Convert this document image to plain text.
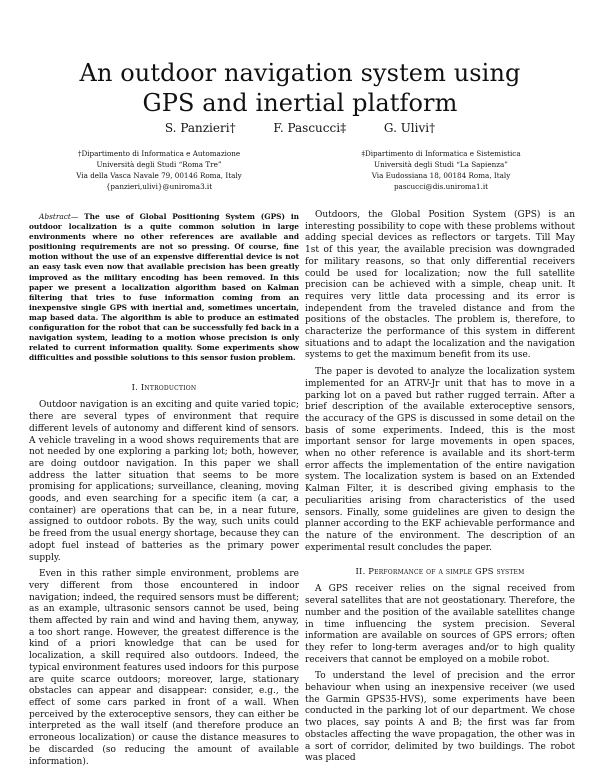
An outdoor navigation system using
GPS and inertial platform
S. Panzieri†	F. Pascucci‡	G. Ulivi†
†Dipartimento di Informatica e Automazione
Università degli Studi “Roma Tre”
Via della Vasca Navale 79, 00146 Roma, Italy
{panzieri,ulivi}@uniroma3.it
‡Dipartimento di Informatica e Sistemistica
Università degli Studi “La Sapienza”
Via Eudossiana 18, 00184 Roma, Italy
pascucci@dis.uniroma1.it

Abstract— The use of Global Positioning System (GPS) in outdoor localization is a quite common solution in large environments where no other references are available and positioning requirements are not so pressing. Of course, fine motion without the use of an expensive differential device is not an easy task even now that available precision has been greatly improved as the military encoding has been removed. In this paper we present a localization algorithm based on Kalman filtering that tries to fuse information coming from an inexpensive single GPS with inertial and, sometimes uncertain, map based data. The algorithm is able to produce an estimated configuration for the robot that can be successfully fed back in a navigation system, leading to a motion whose precision is only related to current information quality. Some experiments show difficulties and possible solutions to this sensor fusion problem.

I. Introduction

Outdoor navigation is an exciting and quite varied topic; there are several types of environment that require different levels of autonomy and different kind of sensors. A vehicle traveling in a wood shows requirements that are not needed by one exploring a parking lot; both, however, are doing outdoor navigation. In this paper we shall address the latter situation that seems to be more promising for applications; surveillance, cleaning, moving goods, and even searching for a specific item (a car, a container) are operations that can be, in a near future, assigned to outdoor robots. By the way, such units could be freed from the usual energy shortage, because they can adopt fuel instead of batteries as the primary power supply.

Even in this rather simple environment, problems are very different from those encountered in indoor navigation; indeed, the required sensors must be different; as an example, ultrasonic sensors cannot be used, being them affected by rain and wind and having them, anyway, a too short range. However, the greatest difference is the kind of a priori knowledge that can be used for localization, a skill required also outdoors. Indeed, the typical environment features used indoors for this purpose are quite scarce outdoors; moreover, large, stationary obstacles can appear and disappear: consider, e.g., the effect of some cars parked in front of a wall. When perceived by the exteroceptive sensors, they can either be interpreted as the wall itself (and therefore produce an erroneous localization) or cause the distance measures to be discarded (so reducing the amount of available information).

Outdoors, the Global Position System (GPS) is an interesting possibility to cope with these problems without adding special devices as reflectors or targets. Till May 1st of this year, the available precision was downgraded for military reasons, so that only differential receivers could be used for localization; now the full satellite precision can be achieved with a simple, cheap unit. It requires very little data processing and its error is independent from the traveled distance and from the positions of the obstacles. The problem is, therefore, to characterize the performance of this system in different situations and to adapt the localization and the navigation systems to get the maximum benefit from its use.

The paper is devoted to analyze the localization system implemented for an ATRV-Jr unit that has to move in a parking lot on a paved but rather rugged terrain. After a brief description of the available exteroceptive sensors, the accuracy of the GPS is discussed in some detail on the basis of some experiments. Indeed, this is the most important sensor for large movements in open spaces, when no other reference is available and its short-term error affects the implementation of the entire navigation system. The localization system is based on an Extended Kalman Filter, it is described giving emphasis to the peculiarities arising from characteristics of the used sensors. Finally, some guidelines are given to design the planner according to the EKF achievable performance and the nature of the environment. The description of an experimental result concludes the paper.

II. Performance of a simple GPS system

A GPS receiver relies on the signal received from several satellites that are not geostationary. Therefore, the number and the position of the available satellites change in time influencing the system precision. Several information are available on sources of GPS errors; often they refer to long-term averages and/or to high quality receivers that cannot be employed on a mobile robot.

To understand the level of precision and the error behaviour when using an inexpensive receiver (we used the Garmin GPS35-HVS), some experiments have been conducted in the parking lot of our department. We chose two places, say points A and B; the first was far from obstacles affecting the wave propagation, the other was in a sort of corridor, delimited by two buildings. The robot was placed
